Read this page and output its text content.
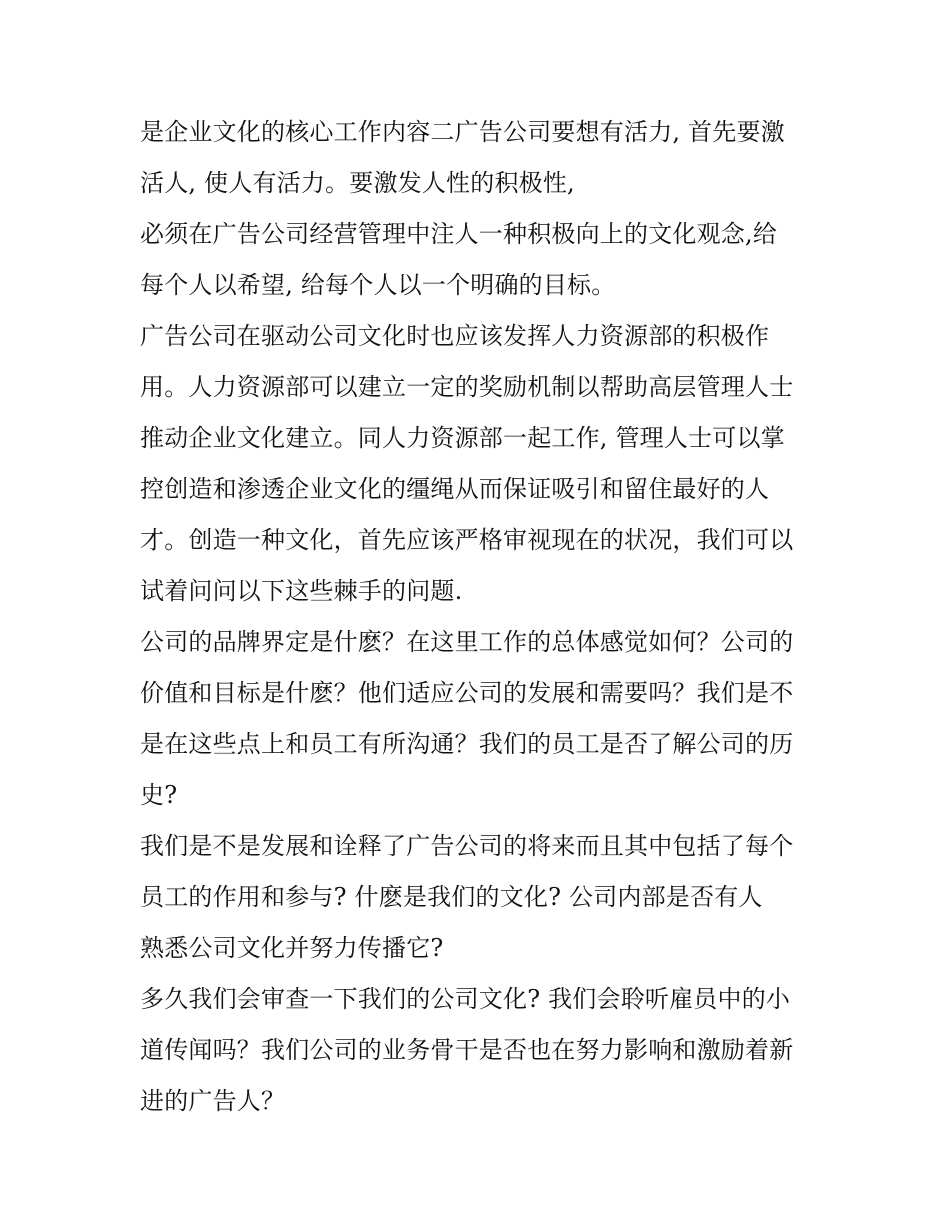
是企业文化的核心工作内容二广告公司要想有活力, 首先要激
活人, 使人有活力。要激发人性的积极性,
必须在广告公司经营管理中注人一种积极向上的文化观念,给
每个人以希望, 给每个人以一个明确的目标。
广告公司在驱动公司文化时也应该发挥人力资源部的积极作
用。人力资源部可以建立一定的奖励机制以帮助高层管理人士
推动企业文化建立。同人力资源部一起工作, 管理人士可以掌
控创造和渗透企业文化的缰绳从而保证吸引和留住最好的人
才。创造一种文化，首先应该严格审视现在的状况，我们可以
试着问问以下这些棘手的问题.
公司的品牌界定是什麽？在这里工作的总体感觉如何？公司的
价值和目标是什麽？他们适应公司的发展和需要吗？我们是不
是在这些点上和员工有所沟通？我们的员工是否了解公司的历
史?
我们是不是发展和诠释了广告公司的将来而且其中包括了每个
员工的作用和参与? 什麽是我们的文化? 公司内部是否有人
熟悉公司文化并努力传播它?
多久我们会审查一下我们的公司文化? 我们会聆听雇员中的小
道传闻吗？我们公司的业务骨干是否也在努力影响和激励着新
进的广告人？
